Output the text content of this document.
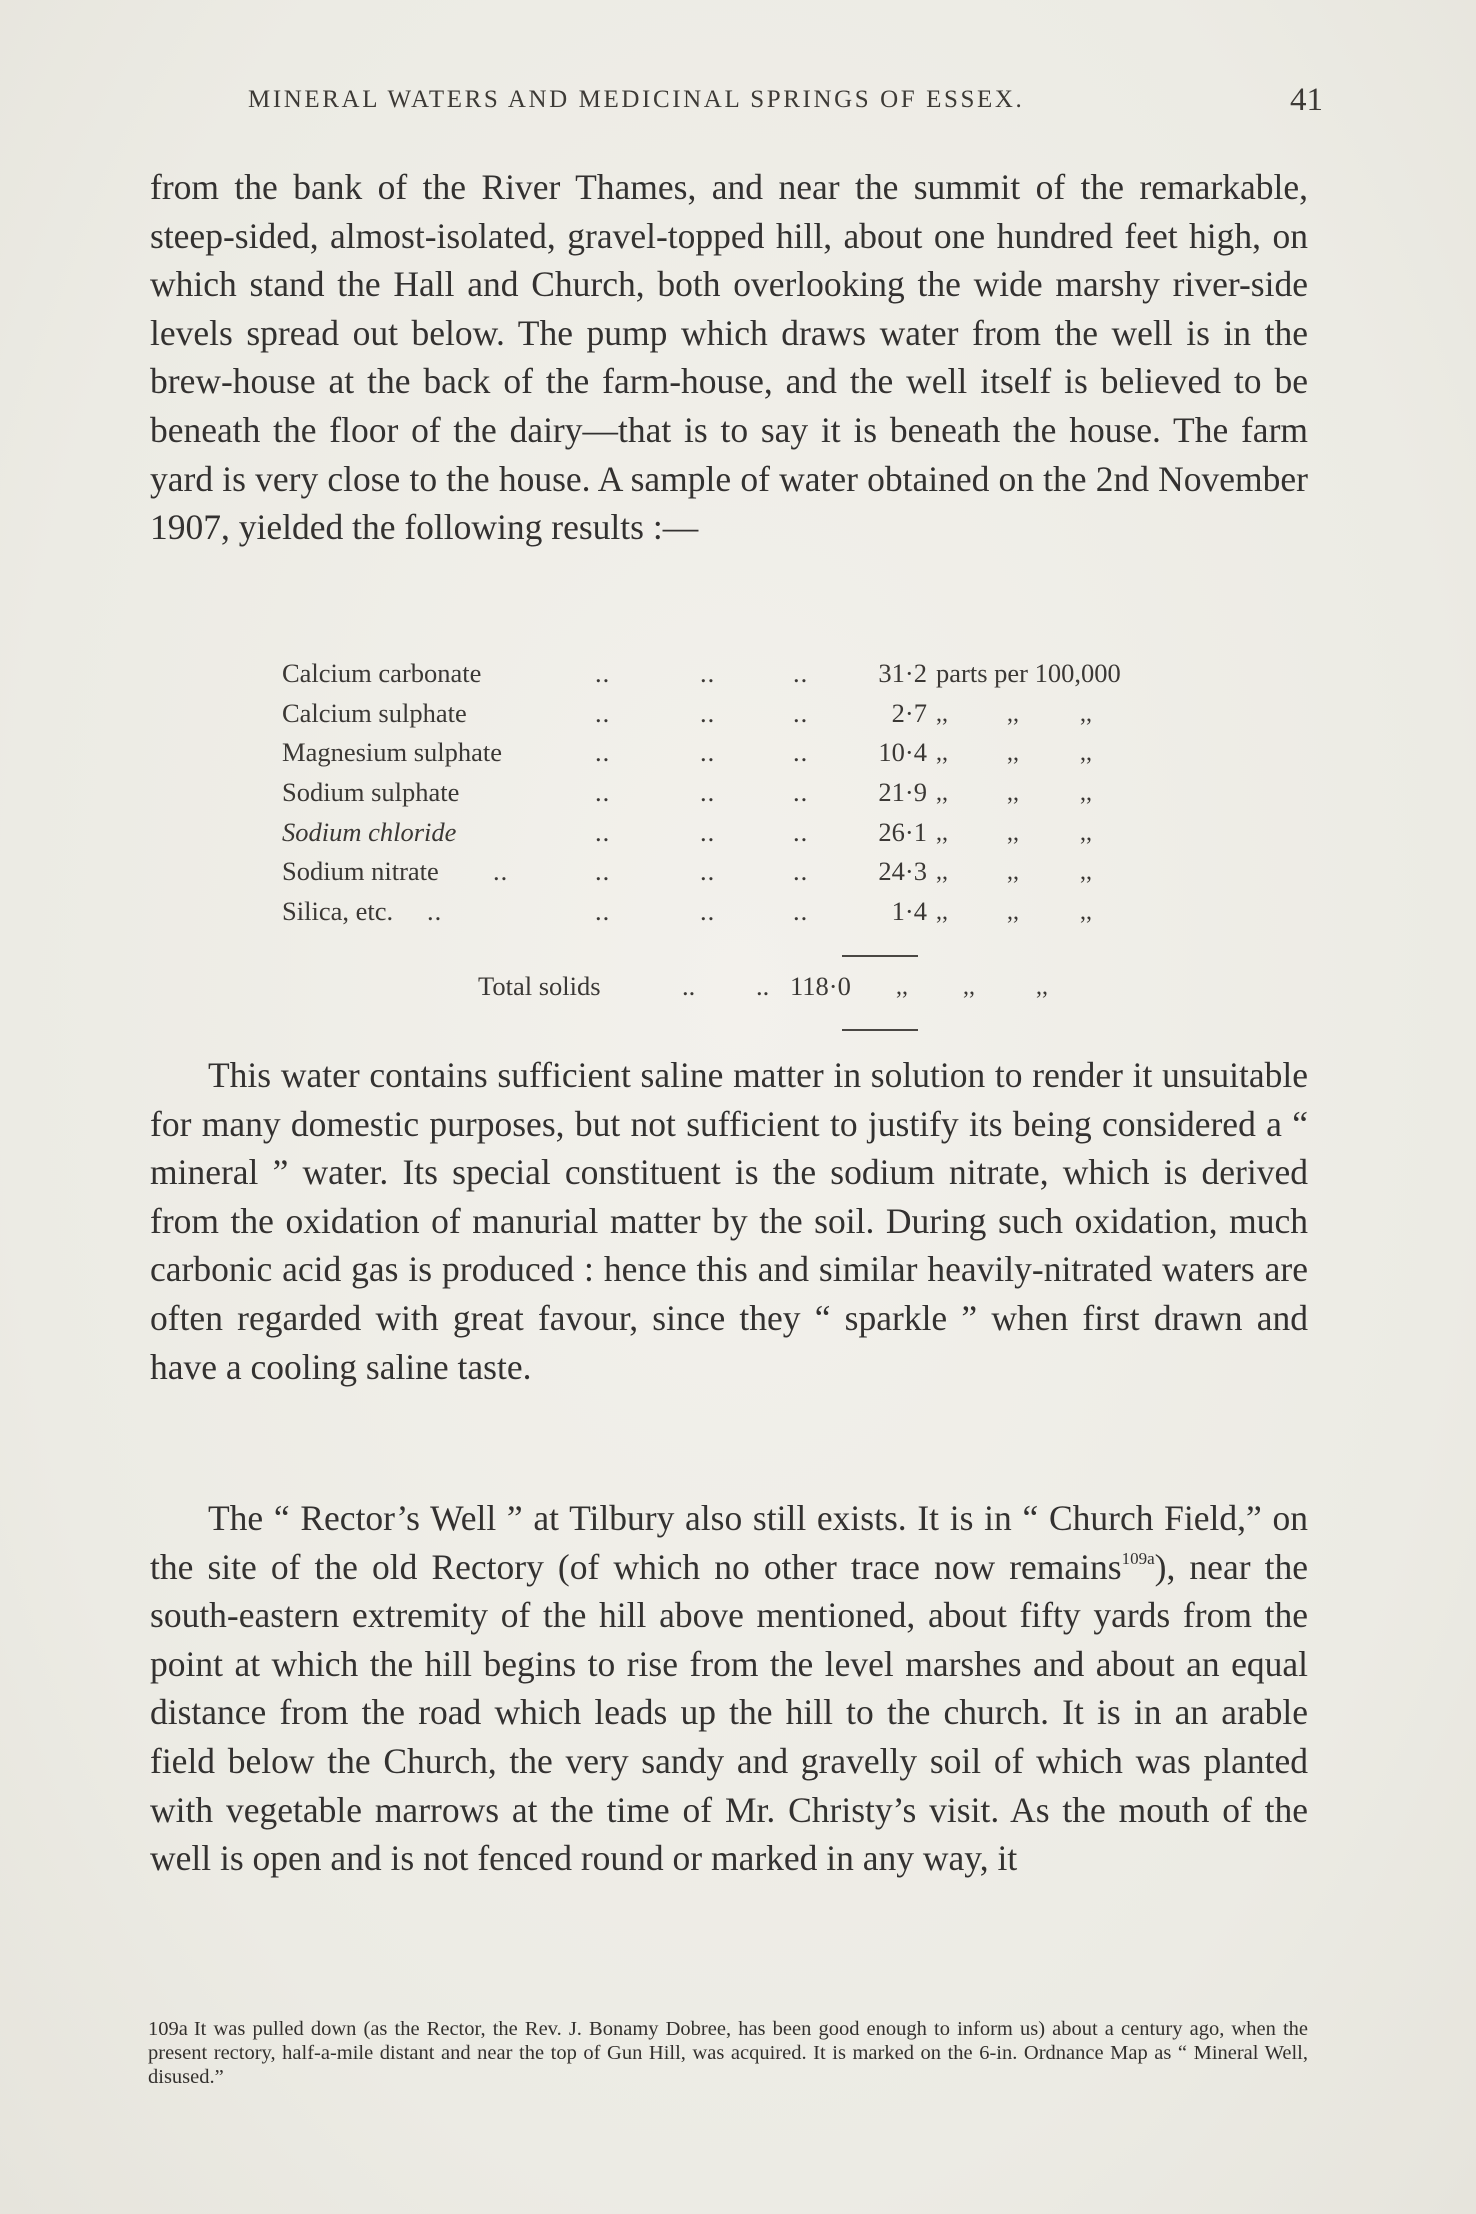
MINERAL WATERS AND MEDICINAL SPRINGS OF ESSEX.	41

from the bank of the River Thames, and near the summit of the remarkable, steep-sided, almost-isolated, gravel-topped hill, about one hundred feet high, on which stand the Hall and Church, both overlooking the wide marshy river-side levels spread out below. The pump which draws water from the well is in the brew-house at the back of the farm-house, and the well itself is believed to be beneath the floor of the dairy—that is to say it is beneath the house. The farm yard is very close to the house. A sample of water obtained on the 2nd November 1907, yielded the following results :—

Calcium carbonate	..	..	..	31·2 parts per 100,000
Calcium sulphate	..	..	..	2·7 ,, ,,	,,
Magnesium sulphate	..	..	..	10·4 ,, ,,	,,
Sodium sulphate	..	..	..	21·9 ,, ,,	,,
Sodium chloride	..	..	..	26·1 ,, ,,	,,
Sodium nitrate ..	..	..	..	24·3 ,, ,,	,,
Silica, etc. ..	..	..	..	1·4 ,, ,,	,,
Total solids	.. .. 118·0 ,, ,,	,,

This water contains sufficient saline matter in solution to render it unsuitable for many domestic purposes, but not sufficient to justify its being considered a “ mineral ” water. Its special constituent is the sodium nitrate, which is derived from the oxidation of manurial matter by the soil. During such oxidation, much carbonic acid gas is produced : hence this and similar heavily-nitrated waters are often regarded with great favour, since they “ sparkle ” when first drawn and have a cooling saline taste.

The “ Rector’s Well ” at Tilbury also still exists. It is in “ Church Field,” on the site of the old Rectory (of which no other trace now remains$^{109a}$), near the south-eastern extremity of the hill above mentioned, about fifty yards from the point at which the hill begins to rise from the level marshes and about an equal distance from the road which leads up the hill to the church. It is in an arable field below the Church, the very sandy and gravelly soil of which was planted with vegetable marrows at the time of Mr. Christy’s visit. As the mouth of the well is open and is not fenced round or marked in any way, it

109a It was pulled down (as the Rector, the Rev. J. Bonamy Dobree, has been good enough to inform us) about a century ago, when the present rectory, half-a-mile distant and near the top of Gun Hill, was acquired. It is marked on the 6-in. Ordnance Map as “ Mineral Well, disused.”
